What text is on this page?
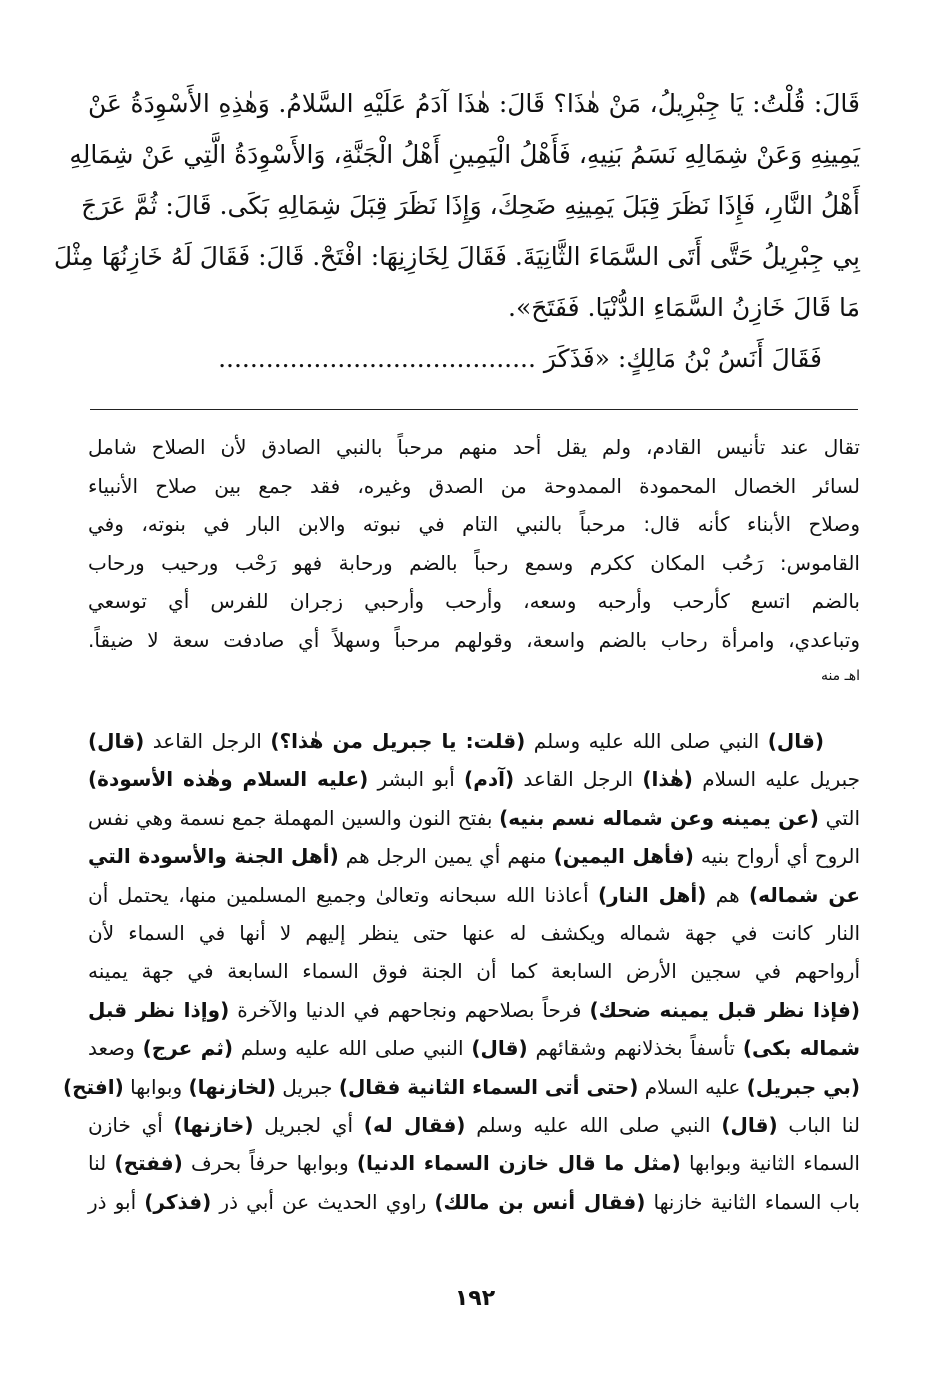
قَالَ: قُلْتُ: يَا جِبْرِيلُ، مَنْ هٰذَا؟ قَالَ: هٰذَا آدَمُ عَلَيْهِ السَّلامُ. وَهٰذِهِ الأَسْوِدَةُ عَنْ
يَمِينِهِ وَعَنْ شِمَالِهِ نَسَمُ بَنِيهِ، فَأَهْلُ الْيَمِينِ أَهْلُ الْجَنَّةِ، وَالأَسْوِدَةُ الَّتِي عَنْ شِمَالِهِ
أَهْلُ النَّارِ، فَإِذَا نَظَرَ قِبَلَ يَمِينِهِ ضَحِكَ، وَإِذَا نَظَرَ قِبَلَ شِمَالِهِ بَكَى. قَالَ: ثُمَّ عَرَجَ
بِي جِبْرِيلُ حَتَّى أَتَى السَّمَاءَ الثَّانِيَةَ. فَقَالَ لِخَازِنِهَا: افْتَحْ. قَالَ: فَقَالَ لَهُ خَازِنُهَا مِثْلَ
مَا قَالَ خَازِنُ السَّمَاءِ الدُّنْيَا. فَفَتَحَ».
فَقَالَ أَنَسُ بْنُ مَالِكٍ: «فَذَكَرَ ........................................
تقال عند تأنيس القادم، ولم يقل أحد منهم مرحباً بالنبي الصادق لأن الصلاح شامل
لسائر الخصال المحمودة الممدوحة من الصدق وغيره، فقد جمع بين صلاح الأنبياء
وصلاح الأبناء كأنه قال: مرحباً بالنبي التام في نبوته والابن البار في بنوته، وفي
القاموس: رَحُب المكان ككرم وسمع رحباً بالضم ورحابة فهو رَحْب ورحيب ورحاب
بالضم اتسع كأرحب وأرحبه وسعه، وأرحب وأرحبي زجران للفرس أي توسعي
وتباعدي، وامرأة رحاب بالضم واسعة، وقولهم مرحباً وسهلاً أي صادفت سعة لا ضيقاً.
اهـ منه
(قال) النبي صلى الله عليه وسلم (قلت: يا جبريل من هٰذا؟) الرجل القاعد (قال)
جبريل عليه السلام (هٰذا) الرجل القاعد (آدم) أبو البشر (عليه السلام وهٰذه الأسودة)
التي (عن يمينه وعن شماله نسم بنيه) بفتح النون والسين المهملة جمع نسمة وهي نفس
الروح أي أرواح بنيه (فأهل اليمين) منهم أي يمين الرجل هم (أهل الجنة والأسودة التي
عن شماله) هم (أهل النار) أعاذنا الله سبحانه وتعالىٰ وجميع المسلمين منها، يحتمل أن
النار كانت في جهة شماله ويكشف له عنها حتى ينظر إليهم لا أنها في السماء لأن
أرواحهم في سجين الأرض السابعة كما أن الجنة فوق السماء السابعة في جهة يمينه
(فإذا نظر قبل يمينه ضحك) فرحاً بصلاحهم ونجاحهم في الدنيا والآخرة (وإذا نظر قبل
شماله بكى) تأسفاً بخذلانهم وشقائهم (قال) النبي صلى الله عليه وسلم (ثم عرج) وصعد
(بي جبريل) عليه السلام (حتى أتى السماء الثانية فقال) جبريل (لخازنها) وبوابها (افتح)
لنا الباب (قال) النبي صلى الله عليه وسلم (فقال له) أي لجبريل (خازنها) أي خازن
السماء الثانية وبوابها (مثل ما قال خازن السماء الدنيا) وبوابها حرفاً بحرف (ففتح) لنا
باب السماء الثانية خازنها (فقال أنس بن مالك) راوي الحديث عن أبي ذر (فذكر) أبو ذر
١٩٢
